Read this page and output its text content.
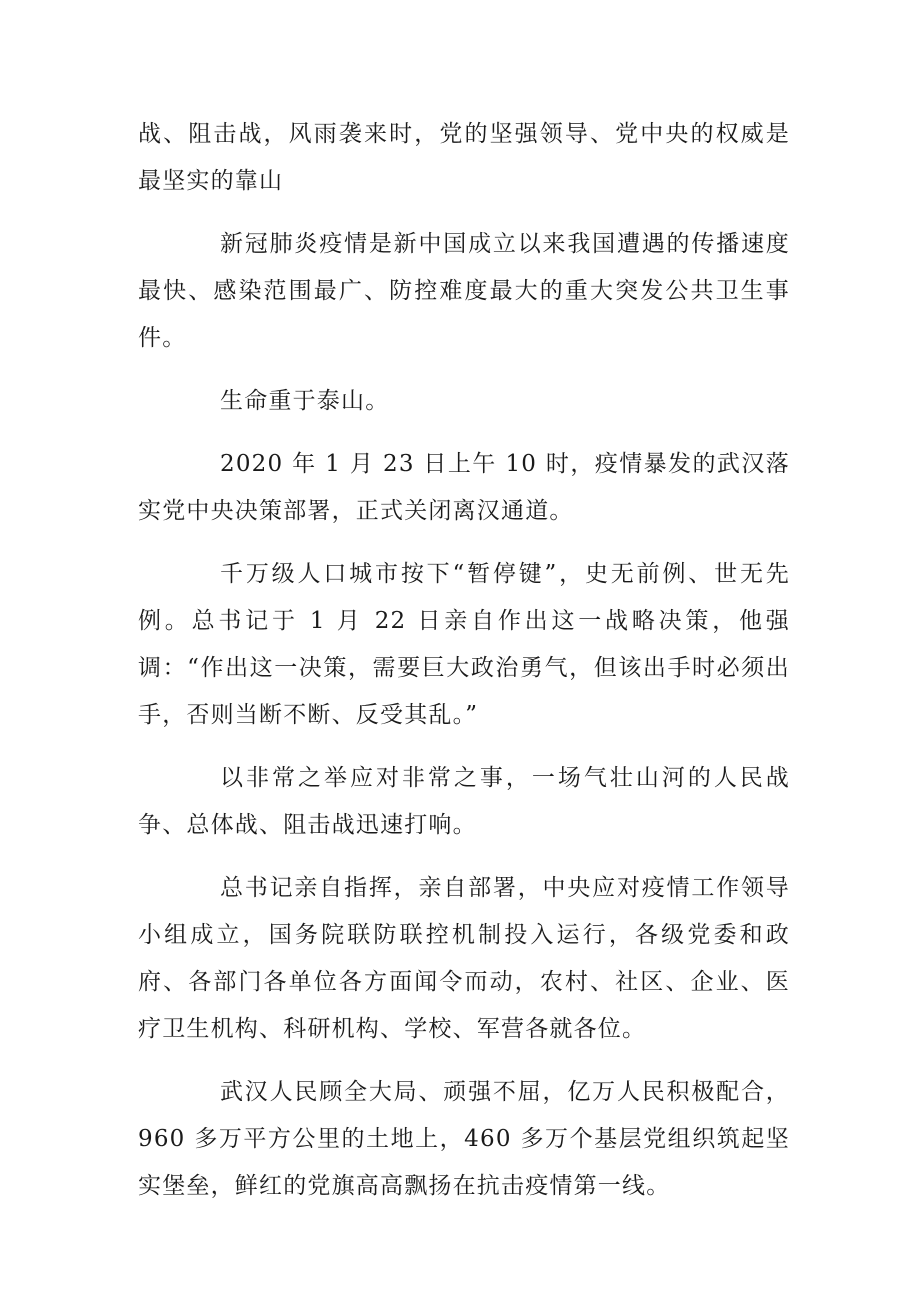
战、阻击战，风雨袭来时，党的坚强领导、党中央的权威是最坚实的靠山

新冠肺炎疫情是新中国成立以来我国遭遇的传播速度最快、感染范围最广、防控难度最大的重大突发公共卫生事件。

生命重于泰山。

2020 年 1 月 23 日上午 10 时，疫情暴发的武汉落实党中央决策部署，正式关闭离汉通道。

千万级人口城市按下“暂停键”，史无前例、世无先例。总书记于 1 月 22 日亲自作出这一战略决策，他强调：“作出这一决策，需要巨大政治勇气，但该出手时必须出手，否则当断不断、反受其乱。”

以非常之举应对非常之事，一场气壮山河的人民战争、总体战、阻击战迅速打响。

总书记亲自指挥，亲自部署，中央应对疫情工作领导小组成立，国务院联防联控机制投入运行，各级党委和政府、各部门各单位各方面闻令而动，农村、社区、企业、医疗卫生机构、科研机构、学校、军营各就各位。

武汉人民顾全大局、顽强不屈，亿万人民积极配合，960 多万平方公里的土地上，460 多万个基层党组织筑起坚实堡垒，鲜红的党旗高高飘扬在抗击疫情第一线。
